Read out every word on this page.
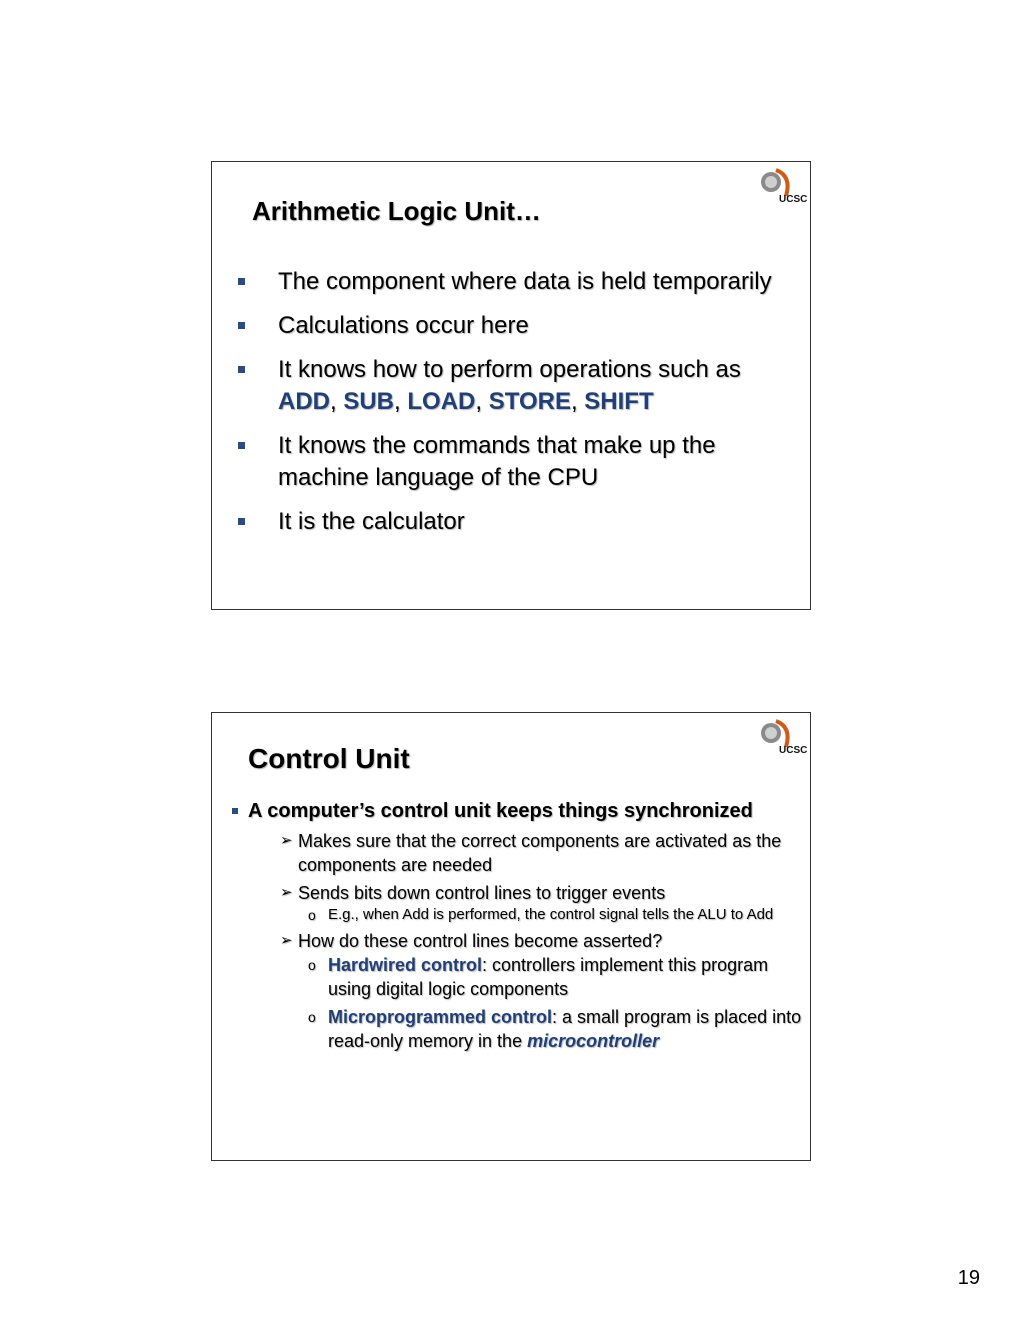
UCSC
Arithmetic Logic Unit…
The component where data is held temporarily
Calculations occur here
It knows how to perform operations such as ADD, SUB, LOAD, STORE, SHIFT
It knows the commands that make up the machine language of the CPU
It is the calculator
UCSC
Control Unit
A computer’s control unit keeps things synchronized
➢ Makes sure that the correct components are activated as the components are needed
➢ Sends bits down control lines to trigger events
o E.g., when Add is performed, the control signal tells the ALU to Add
➢ How do these control lines become asserted?
o Hardwired control: controllers implement this program using digital logic components
o Microprogrammed control: a small program is placed into read-only memory in the microcontroller
19
